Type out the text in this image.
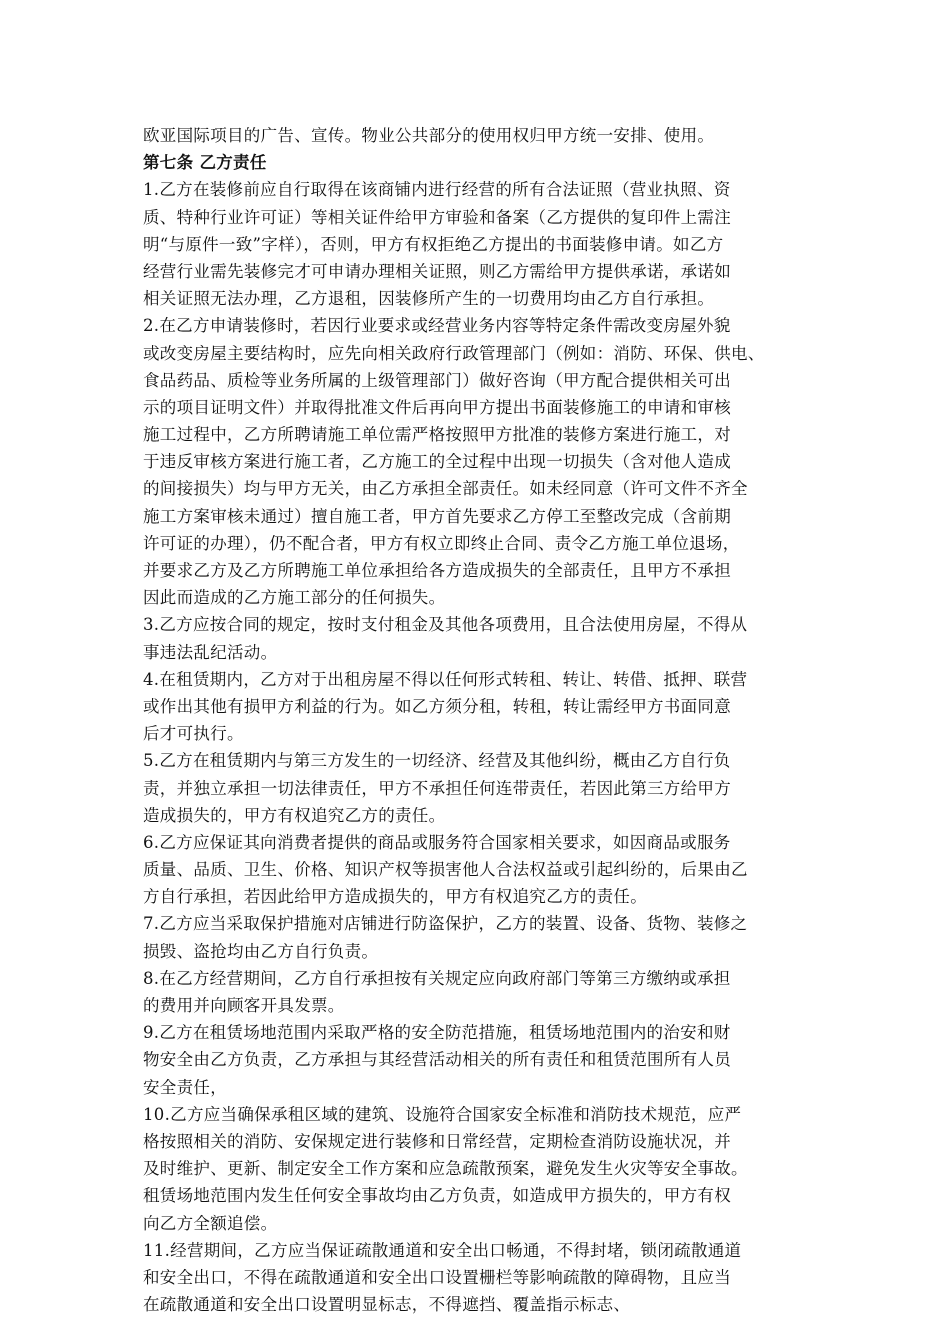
欧亚国际项目的广告、宣传。物业公共部分的使用权归甲方统一安排、使用。
第七条 乙方责任
1.乙方在装修前应自行取得在该商铺内进行经营的所有合法证照（营业执照、资
质、特种行业许可证）等相关证件给甲方审验和备案（乙方提供的复印件上需注
明“与原件一致”字样），否则，甲方有权拒绝乙方提出的书面装修申请。如乙方
经营行业需先装修完才可申请办理相关证照，则乙方需给甲方提供承诺，承诺如
相关证照无法办理，乙方退租，因装修所产生的一切费用均由乙方自行承担。
2.在乙方申请装修时，若因行业要求或经营业务内容等特定条件需改变房屋外貌
或改变房屋主要结构时，应先向相关政府行政管理部门（例如：消防、环保、供电、
食品药品、质检等业务所属的上级管理部门）做好咨询（甲方配合提供相关可出
示的项目证明文件）并取得批准文件后再向甲方提出书面装修施工的申请和审核
施工过程中，乙方所聘请施工单位需严格按照甲方批准的装修方案进行施工，对
于违反审核方案进行施工者，乙方施工的全过程中出现一切损失（含对他人造成
的间接损失）均与甲方无关，由乙方承担全部责任。如未经同意（许可文件不齐全
施工方案审核未通过）擅自施工者，甲方首先要求乙方停工至整改完成（含前期
许可证的办理），仍不配合者，甲方有权立即终止合同、责令乙方施工单位退场，
并要求乙方及乙方所聘施工单位承担给各方造成损失的全部责任，且甲方不承担
因此而造成的乙方施工部分的任何损失。
3.乙方应按合同的规定，按时支付租金及其他各项费用，且合法使用房屋，不得从
事违法乱纪活动。
4.在租赁期内，乙方对于出租房屋不得以任何形式转租、转让、转借、抵押、联营
或作出其他有损甲方利益的行为。如乙方须分租，转租，转让需经甲方书面同意
后才可执行。
5.乙方在租赁期内与第三方发生的一切经济、经营及其他纠纷，概由乙方自行负
责，并独立承担一切法律责任，甲方不承担任何连带责任，若因此第三方给甲方
造成损失的，甲方有权追究乙方的责任。
6.乙方应保证其向消费者提供的商品或服务符合国家相关要求，如因商品或服务
质量、品质、卫生、价格、知识产权等损害他人合法权益或引起纠纷的，后果由乙
方自行承担，若因此给甲方造成损失的，甲方有权追究乙方的责任。
7.乙方应当采取保护措施对店铺进行防盗保护，乙方的装置、设备、货物、装修之
损毁、盗抢均由乙方自行负责。
8.在乙方经营期间，乙方自行承担按有关规定应向政府部门等第三方缴纳或承担
的费用并向顾客开具发票。
9.乙方在租赁场地范围内采取严格的安全防范措施，租赁场地范围内的治安和财
物安全由乙方负责，乙方承担与其经营活动相关的所有责任和租赁范围所有人员
安全责任，
10.乙方应当确保承租区域的建筑、设施符合国家安全标准和消防技术规范，应严
格按照相关的消防、安保规定进行装修和日常经营，定期检查消防设施状况，并
及时维护、更新、制定安全工作方案和应急疏散预案，避免发生火灾等安全事故。
租赁场地范围内发生任何安全事故均由乙方负责，如造成甲方损失的，甲方有权
向乙方全额追偿。
11.经营期间，乙方应当保证疏散通道和安全出口畅通，不得封堵，锁闭疏散通道
和安全出口，不得在疏散通道和安全出口设置栅栏等影响疏散的障碍物，且应当
在疏散通道和安全出口设置明显标志，不得遮挡、覆盖指示标志、
